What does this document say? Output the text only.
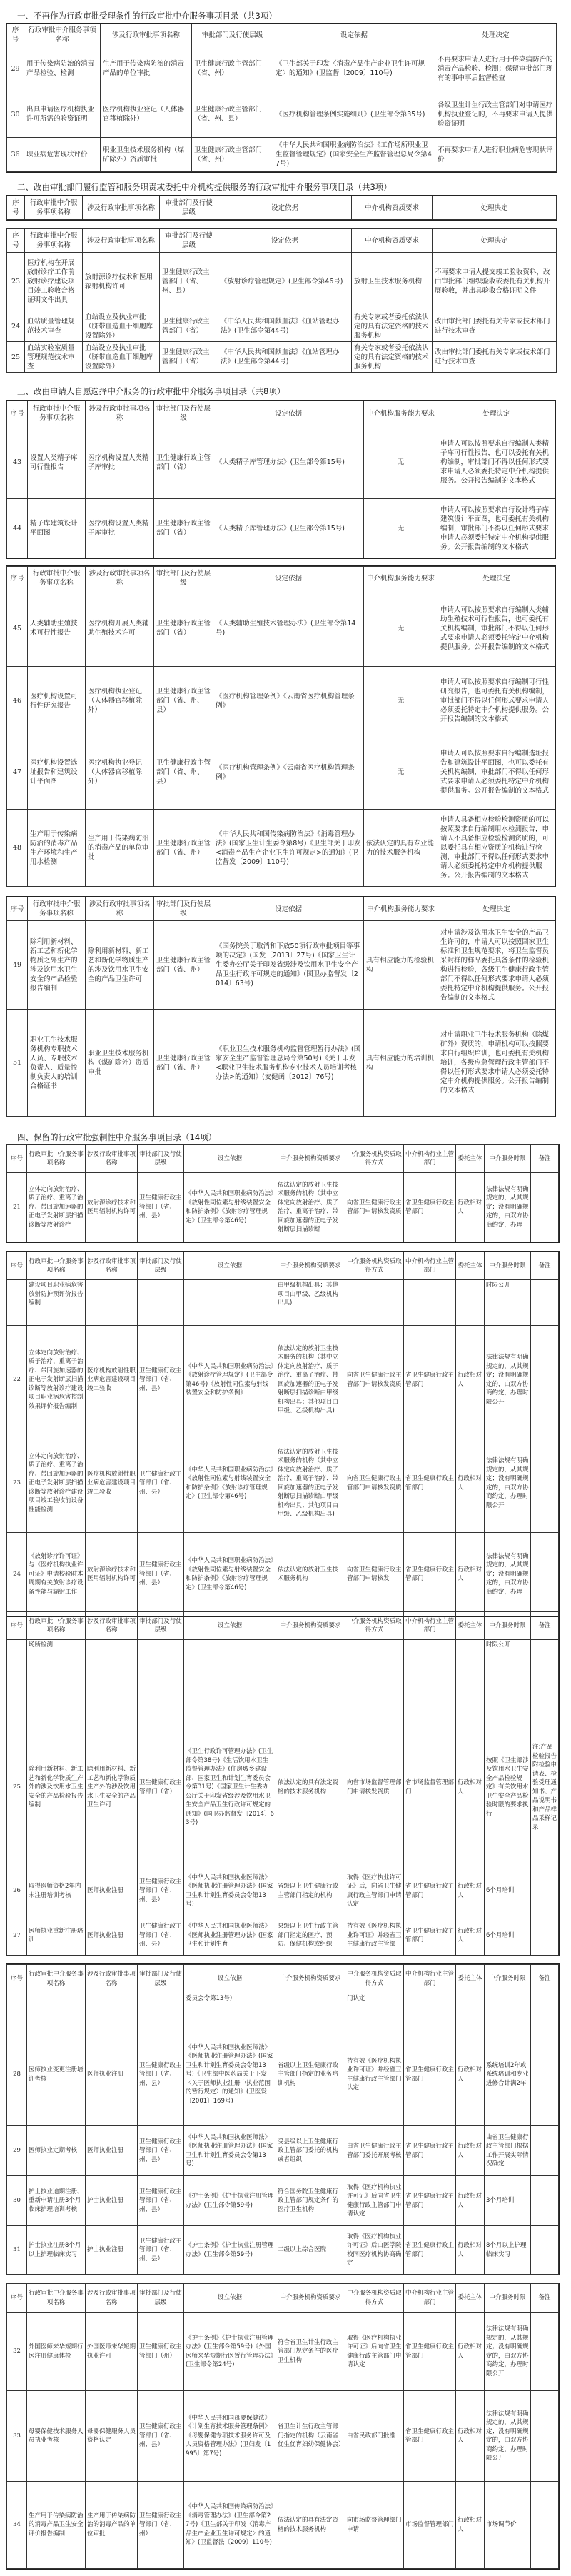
一、不再作为行政审批受理条件的行政审批中介服务事项目录（共3项）
二、改由审批部门履行监管和服务职责或委托中介机构提供服务的行政审批中介服务事项目录（共3项）
三、改由申请人自愿选择中介服务的行政审批中介服务事项目录（共8项）
四、保留的行政审批强制性中介服务事项目录（14项）
序号	行政审批中介服务事项名称	涉及行政审批事项名称	审批部门及行使层级	设定依据	处理决定
29	用于传染病防治的消毒产品检验、检测	生产用于传染病防治的消毒产品的单位审批	卫生健康行政主管部门（省、州）	《卫生部关于印发〈消毒产品生产企业卫生许可规定〉的通知》(卫监督〔2009〕110号)	不再要求申请人进行用于传染病防治的消毒产品检验、检测；保留审批部门现有的事中事后监督检查
30	出具申请医疗机构执业许可所需的验资证明	医疗机构执业登记（人体器官移植除外）	卫生健康行政主管部门（省、州、县）	《医疗机构管理条例实施细则》(卫生部令第35号)	各级卫生计生行政主管部门对申请医疗机构执业登记的，不再要求申请人提供验资证明
36	职业病危害现状评价	职业卫生技术服务机构（煤矿除外）资质审批	卫生健康行政主管部门（省、州）	《中华人民共和国职业病防治法》《工作场所职业卫生监督管理规定》(国家安全生产监督管理总局令第47号)	不再要求申请人进行职业病危害现状评价
序号	行政审批中介服务事项名称	涉及行政审批事项名称	审批部门及行使层级	设定依据	中介机构资质要求	处理决定
序号	行政审批中介服务事项名称	涉及行政审批事项名称	审批部门及行使层级	设定依据	中介机构资质要求	处理决定
23	医疗机构在开展放射诊疗工作前放射诊疗建设项目竣工验收合格证明文件出具	放射源诊疗技术和医用辐射机构许可	卫生健康行政主管部门（省、州、县）	《放射诊疗管理规定》(卫生部令第46号)	放射卫生技术服务机构	不再要求申请人提交竣工验收资料，改由审批部门组织验收或委托有关机构开展验收，并出具验收合格证明文件
24	血站质量管理规范技术审查	血站设立及执业审批（脐带血造血干细胞库设置除外）	卫生健康行政主管部门（省）	《中华人民共和国献血法》《血站管理办法》(卫生部令第44号)	有关专家或者委托依法认定的具有法定资格的技术服务机构	改由审批部门委托有关专家或技术部门进行技术审查
25	血站实验室质量管理规范技术审查	血站设立及执业审批（脐带血造血干细胞库设置除外）	卫生健康行政主管部门（省）	《中华人民共和国献血法》《血站管理办法》(卫生部令第44号)	有关专家或者委托依法认定的具有法定资格的技术服务机构	改由审批部门委托有关专家或技术部门进行技术审查
序号	行政审批中介服务事项名称	涉及行政审批事项名称	审批部门及行使层级	设定依据	中介机构服务能力要求	处理决定
43	设置人类精子库可行性报告	医疗机构设置人类精子库审批	卫生健康行政主管部门（省）	《人类精子库管理办法》(卫生部令第15号)	无	申请人可以按照要求自行编制人类精子库可行性报告，也可以委托有关机构编制，审批部门不得以任何形式要求申请人必须委托特定中介机构提供服务。公开报告编制的文本格式
44	精子库建筑设计平面图	医疗机构设置人类精子库审批	卫生健康行政主管部门（省）	《人类精子库管理办法》(卫生部令第15号)	无	申请人可以按照要求自行设计精子库建筑设计平面图，也可委托有关机构编制，审批部门不得以任何形式要求申请人必须委托特定中介机构提供服务。公开报告编制的文本格式
序号	行政审批中介服务事项名称	涉及行政审批事项名称	审批部门及行使层级	设定依据	中介机构服务能力要求	处理决定
45	人类辅助生殖技术可行性报告	医疗机构开展人类辅助生殖技术许可	卫生健康行政主管部门（省）	《人类辅助生殖技术管理办法》(卫生部令第14号)	无	申请人可以按照要求自行编制人类辅助生殖技术可行性报告，也可委托有关机构编制，审批部门不得以任何形式要求申请人必须委托特定中介机构提供服务。公开报告编制的文本格式
46	医疗机构设置可行性研究报告	医疗机构执业登记（人体器官移植除外）	卫生健康行政主管部门（省、州、县）	《医疗机构管理条例》《云南省医疗机构管理条例》	无	申请人可以按照要求自行编制可行性研究报告，也可委托有关机构编制，审批部门不得以任何形式要求申请人必须委托特定中介机构提供服务。公开报告编制的文本格式
47	医疗机构设置选址报告和建筑设计平面图	医疗机构执业登记（人体器官移植除外）	卫生健康行政主管部门（省、州、县）	《医疗机构管理条例》《云南省医疗机构管理条例》	无	申请人可以按照要求自行编制选址报告和建筑设计平面图，也可以委托有关机构编制，审批部门不得以任何形式要求申请人必须委托特定中介机构提供服务。公开报告编制的文本格式
48	生产用于传染病防治的消毒产品生产环境和生产用水检测	生产用于传染病防治的消毒产品的单位审批	卫生健康行政主管部门（省、州）	《中华人民共和国传染病防治法》《消毒管理办法》(国家卫生计生委令第8号)《卫生部关于印发<消毒产品生产企业卫生许可规定>的通知》(卫监督发〔2009〕110号)	依法认定的具有专业能力的技术服务机构	申请人具备相应检验检测资质的可以按照要求自行编制用水检测报告，申请人不具备相应检验检测资质的，可以委托具有相应资质的机构进行检测，审批部门不得以任何形式要求申请人必须委托特定中介机构提供服务。公开报告编制的文本格式
序号	行政审批中介服务事项名称	涉及行政审批事项名称	审批部门及行使层级	设定依据	中介机构服务能力要求	处理决定
49	除利用新材料、新工艺和新化学物质之外生产的涉及饮用水卫生安全的产品检验报告编制	除利用新材料、新工艺和新化学物质生产的涉及饮用水卫生安全的产品卫生许可	卫生健康行政主管部门（省、州）	《国务院关于取消和下放50项行政审批项目等事项的决定》(国发〔2013〕27号)《国家卫生计生委办公厅关于印发省级涉及饮用水卫生安全产品卫生行政许可规定的通知》(国卫办监督发〔2014〕63号)	具有相应能力的检验机构	对申请涉及饮用水卫生安全的产品卫生许可的，申请人可以按照国家卫生标准和卫生规范要求，将卫生监督员采封样的样品委托具备条件的检验机构进行检验，各级卫生健康行政主管部门不得以任何形式要求申请人必须委托特定中介机构提供服务。公开报告编制的文本格式
51	职业卫生技术服务机构专职技术人员、专职技术负责人、质量控制负责人的培训合格证书	职业卫生技术服务机构（煤矿除外）资质审批	卫生健康行政主管部门（省、州）	《职业卫生技术服务机构监督管理暂行办法》(国家安全生产监督管理总局令第50号)《关于印发<职业卫生技术服务机构专业技术人员培训考核办法>的通知》(安健函〔2012〕76号)	具有相应能力的培训机构	对申请职业卫生技术服务机构（除煤矿外）资质的，申请机构可以按照要求自行组织培训，也可委托有关机构培训，各级应急管理行政主管部门不得以任何形式要求申请人必须委托特定中介机构提供服务。公开报告编制的文本格式
序号	行政审批中介服务事项名称	涉及行政审批事项名称	审批部门及行使层级	设立依据	中介服务机构资质要求	中介服务机构资质取得方式	中介机构行业主管部门	委托主体	中介服务时限	备注
21	立体定向放射治疗、质子治疗、重离子治疗、带回旋加速器的正电子发射断层扫描诊断等放射诊疗	放射源诊疗技术和医用辐射机构许可	卫生健康行政主管部门（省、州、县）	《中华人民共和国职业病防治法》《放射性同位素与射线装置安全和防护条例》《放射诊疗管理规定》(卫生部令第46号)	依法认定的放射卫生技术服务的机构（其中立体定向放射治疗、质子治疗、重离子治疗、带回旋加速器的正电子发射断层扫描诊断	向省卫生健康行政主管部门申请核发资质	省卫生健康行政主管部门	行政相对人	法律法规有明确规定的，从其规定；没有明确规定的，由双方协商约定，办理	
序号	行政审批中介服务事项名称	涉及行政审批事项名称	审批部门及行使层级	设立依据	中介服务机构资质要求	中介服务机构资质取得方式	中介机构行业主管部门	委托主体	中介服务时限	备注
	建设项目职业病危害放射防护预评价报告编制				由甲级机构出具；其他项目由甲级、乙级机构出具)				时限公开	
22	立体定向放射治疗、质子治疗、重离子治疗、带回旋加速器的正电子发射断层扫描诊断等放射诊疗建设项目职业病危害控制效果评价报告编制	医疗机构放射性职业病危害建设项目竣工验收	卫生健康行政主管部门（省、州、县）	《中华人民共和国职业病防治法》《放射诊疗管理规定》(卫生部令第46号)《放射性同位素与射线装置安全和防护条例》	依法认定的放射卫生技术服务的机构（其中立体定向放射治疗、质子治疗、重离子治疗、带回旋加速器的正电子发射断层扫描诊断由甲级机构出具；其他项目由甲级、乙级机构出具)	向省卫生健康行政主管部门申请核发资质	省卫生健康行政主管部门	行政相对人	法律法规有明确规定的，从其规定；没有明确规定的，由双方协商约定，办理时限公开	
23	立体定向放射治疗、质子治疗、重离子治疗、带回旋加速器的正电子发射断层扫描诊断等放射诊疗建设项目竣工验收前设备性能检测	医疗机构放射性职业病危害建设项目竣工验收	卫生健康行政主管部门（省、州、县）	《中华人民共和国职业病防治法》《放射性同位素与射线装置安全和防护条例》《放射诊疗管理规定》(卫生部令第46号)	依法认定的放射卫生技术服务的机构（其中立体定向放射治疗、质子治疗、重离子治疗、带回旋加速器的正电子发射断层扫描诊断由甲级机构出具；其他项目由甲级、乙级机构出具)	向省卫生健康行政主管部门申请核发资质	省卫生健康行政主管部门	行政相对人	法律法规有明确规定的，从其规定；没有明确规定的，由双方协商约定，办理时限公开	
24	《放射诊疗许可证》与《医疗机构执业许可证》申请校验时本周期有关放射诊疗设备性能与辐射工作	放射源诊疗技术和医用辐射机构许可	卫生健康行政主管部门（省、州、县）	《中华人民共和国职业病防治法》《放射性同位素与射线装置安全和防护条例》《放射诊疗管理规定》(卫生部令第46号)	依法认定的放射卫生技术服务机构	向省卫生健康行政主管部门申请核发	省卫生健康行政主管部门	行政相对人	法律法规有明确规定的，从其规定；没有明确规定的，由双方协商约定，办理	
序号	行政审批中介服务事项名称	涉及行政审批事项名称	审批部门及行使层级	设立依据	中介服务机构资质要求	中介服务机构资质取得方式	中介机构行业主管部门	委托主体	中介服务时限	备注
	场所检测								时限公开	
25	除利用新材料、新工艺和新化学物质生产外的涉及饮用水卫生安全的产品检验报告编制	除利用新材料、新工艺和新化学物质生产外的涉及饮用水卫生安全的产品卫生许可	卫生健康行政主管部门（省）	《卫生行政许可管理办法》(卫生部令第38号)《生活饮用水卫生监督管理办法》(住房城乡建设部、国家卫生和计划生育委员会令第31号)《国家卫生计生委办公厅关于印发省级涉及饮用水卫生安全产品卫生行政许可规定的通知》(国卫办监督发〔2014〕63号)	依法认定的具有法定资格的技术服务机构	向省市场监督管理部门申请核发资质	省市场监督管理部门	行政相对人	按照《卫生部涉及饮用水卫生安全产品检验规定》有关饮用水卫生安全产品检验时限的要求执行	注:产品检验报告附检验申请表、检验受理通知书、产品说明书和产品样品采样记录
26	取得医师资格2年内未注册培训考核	医师执业注册	卫生健康行政主管部门（省、州、县）	《中华人民共和国执业医师法》《医师执业注册管理办法》(国家卫生和计划生育委员会令第13号)	省级以上卫生健康行政主管部门指定的机构	取得《医疗执业许可证》后，向省卫生健康行政主管部门申请认定	省卫生健康行政主管部门	行政相对人	6个月培训	
27	医师执业重新注册培训	医师执业注册	卫生健康行政主管部门（省、州、县）	《中华人民共和国执业医师法》《医师执业注册管理办法》(国家卫生和计划生育	县级以上卫生行政主管部门指定的医疗、预防、保健机构或组织	持有效《医疗机构执业许可证》并经省卫生健康行政主管部	省卫生健康行政主管部门	行政相对人	6个月培训	
序号	行政审批中介服务事项名称	涉及行政审批事项名称	审批部门及行使层级	设立依据	中介服务机构资质要求	中介服务机构资质取得方式	中介机构行业主管部门	委托主体	中介服务时限	备注
				委员会令第13号)		门认定				
28	医师执业变更注册培训考核	医师执业注册	卫生健康行政主管部门（省、州、县）	《中华人民共和国执业医师法》《医师执业注册管理办法》(国家卫生和计划生育委员会令第13号)《卫生部中医药局关于下发〈关于医师执业注册中执业范围的暂行规定〉的通知》(卫医发〔2001〕169号)	省级以上卫生健康行政主管部门指定的业务培训机构	持有效《医疗机构执业许可证》并经省卫生健康行政主管部门认定	省卫生健康行政主管部门	行政相对人	系统培训2年或系统培训和专业进修合计满2年	
29	医师执业定期考核	医师执业注册	卫生健康行政主管部门（省、州、县）	《中华人民共和国执业医师法》《医师执业注册管理办法》(国家卫生和计划生育委员会令第13号)	受县级以上卫生健康行政主管部门委托的机构或者组织	由省卫生健康行政主管部门委托开展考核	省卫生健康行政主管部门	行政相对人	由省卫生健康行政主管部门根据工作开展实际情况确定	
30	护士执业逾期注册、重新申请注册3个月临床护理培训考核	护士执业注册	卫生健康行政主管部门（省、州、县）	《护士条例》《护士执业注册管理办法》(卫生部令第59号)	符合国务院卫生健康行政主管部门规定条件的医疗卫生机构	取得《医疗机构执业许可证》后向省卫生健康行政主管部门申请认定	省卫生健康行政主管部门	行政相对人	3个月培训	
31	护士执业注册8个月以上护理临床实习	护士执业注册	卫生健康行政主管部门（省、州、县）	《护士条例》《护士执业注册管理办法》(卫生部令第59号)	二级以上综合医院	取得《医疗机构执业许可证》后由医学院校同医疗机构协商确定	省卫生健康行政主管部门	行政相对人	8个月以上护理临床实习	
序号	行政审批中介服务事项名称	涉及行政审批事项名称	审批部门及行使层级	设立依据	中介服务机构资质要求	中介服务机构资质取得方式	中介机构行业主管部门	委托主体	中介服务时限	备注
32	外国医师来华短期行医注册健康体检	外国医师来华短期执业许可	卫生健康行政主管部门（州）	《护士条例》《护士执业注册管理办法》(卫生部令第59号)《外国医师来华短期行医暂行管理办法》(卫生部令第24号)	符合省卫生计生行政主管部门规定条件的医疗卫生机构	取得《医疗机构执业许可证》后向省卫生健康行政主管部门申请认定	省卫生健康行政主管部门	行政相对人	法律法规有明确规定的，从其规定；没有明确规定的，由双方协商约定，办理时限公开	
33	母婴保健技术服务人员执业考核	母婴保健服务人员资格认定	卫生健康行政主管部门（省、州、县）	《中华人民共和国母婴保健法》《计划生育技术服务管理条例》《母婴保健专项技术服务许可及人员资格管理办法》(卫妇发〔1995〕第7号)	省卫生计生行政主管部门指定的机构（云南省优生优育妇幼保健协会）	由省民政部门批准	省卫生健康行政主管部门	行政相对人	法律法规有明确规定的，从其规定；没有明确规定的，由双方协商约定，办理时限公开	
34	生产用于传染病防治的消毒产品卫生安全评价报告编制	生产用于传染病防治的消毒产品的单位审批	卫生健康行政主管部门（省、州）	《中华人民共和国传染病防治法》《消毒管理办法》(卫生部令第27号)《卫生部关于印发〈消毒产品生产企业卫生许可规定〉的通知》(卫监督法〔2009〕110号)	依法认定的具有法定资格的技术服务机构	向市场监督管理部门申请	市场监督管理部门	行政相对人	市场调节价	
